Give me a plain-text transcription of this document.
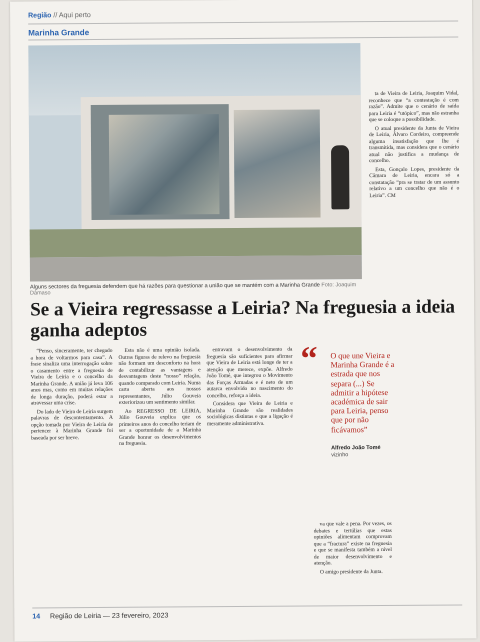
Região // Aqui perto
Marinha Grande
Alguns sectores da freguesia defendem que há razões para questionar a união que se mantém com a Marinha Grande Foto: Joaquim Dâmaso
Se a Vieira regressasse a Leiria? Na freguesia a ideia ganha adeptos

“Penso, sinceramente, ter chegado a hora de voltarmos para casa”. A frase sinaliza uma interrogação sobre o casamento entre a freguesia de Vieira de Leiria e o concelho da Marinha Grande. A união já leva 106 anos mas, como em muitas relações de longa duração, poderá estar a atravessar uma crise.

Do lado de Vieira de Leiria surgem palavras de descontentamento. A opção tomada por Vieira de Leiria de pertencer à Marinha Grande foi baseada por ser breve.

Esta não é uma opinião isolada. Outras figuras de relevo na freguesia não formam um desconforto na hora de contabilizar as vantagens e desvantagens deste “nosso” relação, quando comparado com Leiria. Numa carta aberta aos nossos representantes, Júlio Gouveia exteriorizou um sentimento similar.

Ao REGRESSO DE LEIRIA, Júlio Gouveia explica que os primeiros anos do concelho teriam de ser a oportunidade de a Marinha Grande honrar os desenvolvimentos na freguesia.

entravam o desenvolvimento da freguesia são suficientes para afirmar que Vieira de Leiria está longe de ter a atenção que merece, expõe. Alfredo João Tomé, que integrou o Movimento das Forças Armadas e é neto de um autarca envolvido no nascimento do concelho, reforça a ideia.

Considera que Vieira de Leiria e Marinha Grande são realidades sociológicas distintas e que a ligação é meramente administrativa.

“ O que une Vieira e Marinha Grande é a estrada que nos separa (...) Se admitir a hipótese académica de sair para Leiria, penso que por não ficávamos”

Alfredo João Tomé
vizinho

va que vale a pena. Por vezes, os debates e tertúlias que estas opiniões alimentam comprovam que a “fractura” existe na freguesia e que se manifesta também a nível de maior desenvolvimento e atenção.

O amigo presidente da Junta.

ta de Vieira de Leiria, Joaquim Vidal, reconhece que “a contestação é com razão”. Admite que o cenário de saída para Leiria é “utópico”, mas não estranha que se coloque a possibilidade.

O atual presidente da Junta de Vieira de Leiria, Álvaro Cordeiro, compreende alguma insatisfação que lhe é transmitida, mas considera que o cenário atual não justifica a mudança de concelho.

Esta, Gonçalo Lopes, presidente da Câmara de Leiria, encara só a constatação “pra se tratar de um assunto relativo a um concelho que não é o Leiria”. CM

14 Região de Leiria — 23 fevereiro, 2023
